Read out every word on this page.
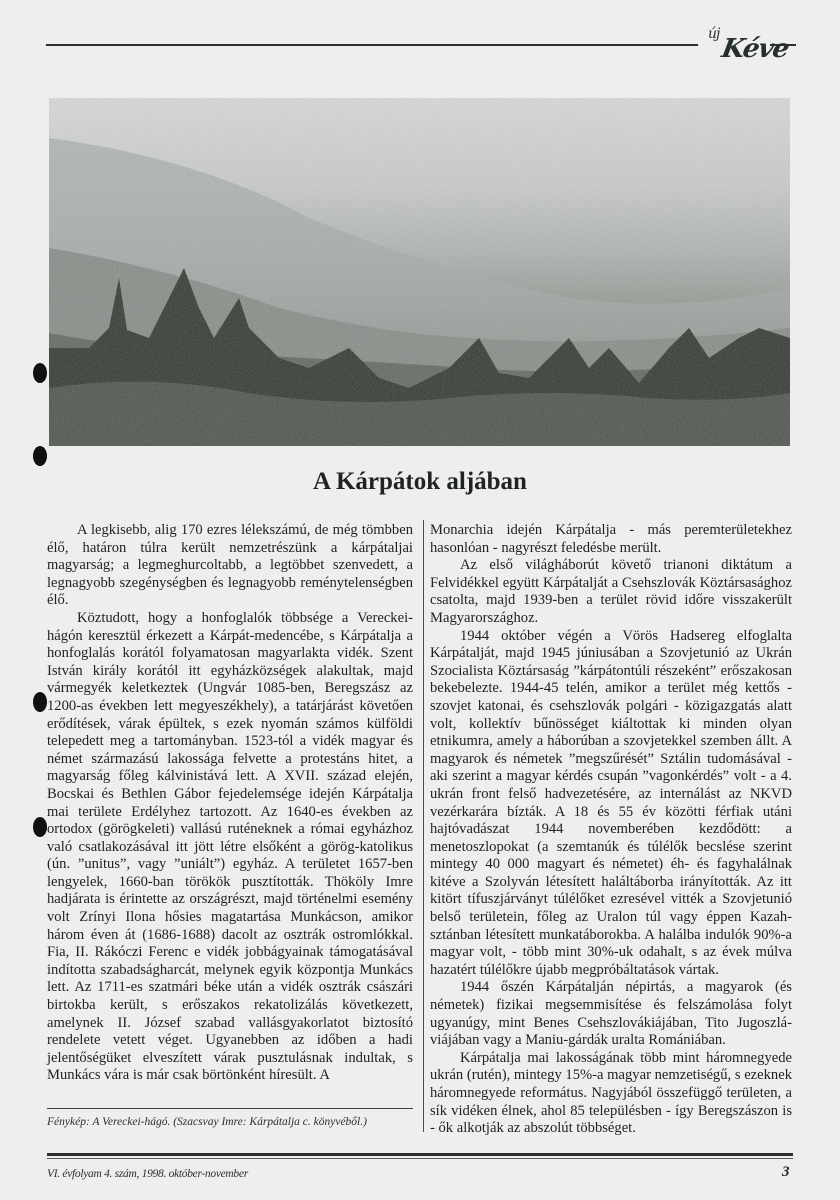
új Kéve
A Kárpátok aljában

A legkisebb, alig 170 ezres lélekszámú, de még tömbben élő, határon túlra került nemzetrészünk a kárpátaljai magyarság; a legmeghurcoltabb, a legtöbbet szenvedett, a legnagyobb szegénységben és legnagyobb reménytelenségben élő.

Köztudott, hogy a honfoglalók többsége a Vereckei-hágón keresztül érkezett a Kárpát-medencébe, s Kárpátalja a honfoglalás korától folyamatosan magyarlakta vidék. Szent István király korától itt egyházközségek alakultak, majd vármegyék keletkeztek (Ungvár 1085-ben, Beregszász az 1200-as években lett megyeszékhely), a tatárjárást követően erődítések, várak épültek, s ezek nyomán számos külföldi telepedett meg a tartományban. 1523-tól a vidék magyar és német származású lakossága felvette a protestáns hitet, a magyarság főleg kálvinistává lett. A XVII. század elején, Bocskai és Bethlen Gábor fejedelemsége idején Kárpátalja mai területe Erdélyhez tartozott. Az 1640-es években az ortodox (görögkeleti) vallású ruténeknek a római egyházhoz való csatlakozásával itt jött létre elsőként a görög-katolikus (ún. ”unitus”, vagy ”uniált”) egyház. A területet 1657-ben lengyelek, 1660-ban törökök pusztították. Thököly Imre hadjárata is érintette az országrészt, majd történelmi esemény volt Zrínyi Ilona hősies magatartása Munkácson, amikor három éven át (1686-1688) dacolt az osztrák ostromlókkal. Fia, II. Rákóczi Ferenc e vidék jobbágyainak támogatásával indította szabadságharcát, melynek egyik központja Munkács lett. Az 1711-es szatmári béke után a vidék osztrák császári birtokba került, s erőszakos rekatolizálás következett, amelynek II. József szabad vallásgyakorlatot biztosító rendelete vetett véget. Ugyanebben az időben a hadi jelentőségüket elveszített várak pusztulásnak indultak, s Munkács vára is már csak börtönként híresült. A

Monarchia idején Kárpátalja - más peremterületekhez hasonlóan - nagyrészt feledésbe merült.

Az első világháborút követő trianoni diktátum a Felvidékkel együtt Kárpátalját a Csehszlovák Köztársasághoz csatolta, majd 1939-ben a terület rövid időre visszakerült Magyarországhoz.

1944 október végén a Vörös Hadsereg elfoglalta Kárpátalját, majd 1945 júniusában a Szovjetunió az Ukrán Szocialista Köztársaság ”kárpátontúli részeként” erőszakosan bekebelezte. 1944-45 telén, amikor a terület még kettős - szovjet katonai, és csehszlovák polgári - közigazgatás alatt volt, kollektív bűnösséget kiáltottak ki minden olyan etnikumra, amely a háborúban a szovjetekkel szemben állt. A magyarok és németek ”megszűrését” Sztálin tudomásával - aki szerint a magyar kérdés csupán ”vagonkérdés” volt - a 4. ukrán front felső hadvezetésére, az internálást az NKVD vezérkarára bízták. A 18 és 55 év közötti férfiak utáni hajtóvadászat 1944 novemberében kezdődött: a menetoszlopokat (a szemtanúk és túlélők becslése szerint mintegy 40 000 magyart és németet) éh- és fagyhalálnak kitéve a Szolyván létesített haláltáborba irányították. Az itt kitört tífuszjárványt túlélőket ezresével vitték a Szovjetunió belső területein, főleg az Uralon túl vagy éppen Kazahsztánban létesített munkatáborokba. A halálba indulók 90%-a magyar volt, - több mint 30%-uk odahalt, s az évek múlva hazatért túlélőkre újabb megpróbáltatások vártak.

1944 őszén Kárpátalján népirtás, a magyarok (és németek) fizikai megsemmisítése és felszámolása folyt ugyanúgy, mint Benes Csehszlovákiájában, Tito Jugoszláviájában vagy a Maniu-gárdák uralta Romániában.

Kárpátalja mai lakosságának több mint háromnegyede ukrán (rutén), mintegy 15%-a magyar nemzetiségű, s ezeknek háromnegyede református. Nagyjából összefüggő területen, a sík vidéken élnek, ahol 85 településben - így Beregszászon is - ők alkotják az abszolút többséget.

Fénykép: A Vereckei-hágó. (Szacsvay Imre: Kárpátalja c. könyvéből.)
VI. évfolyam 4. szám, 1998. október-november	3
